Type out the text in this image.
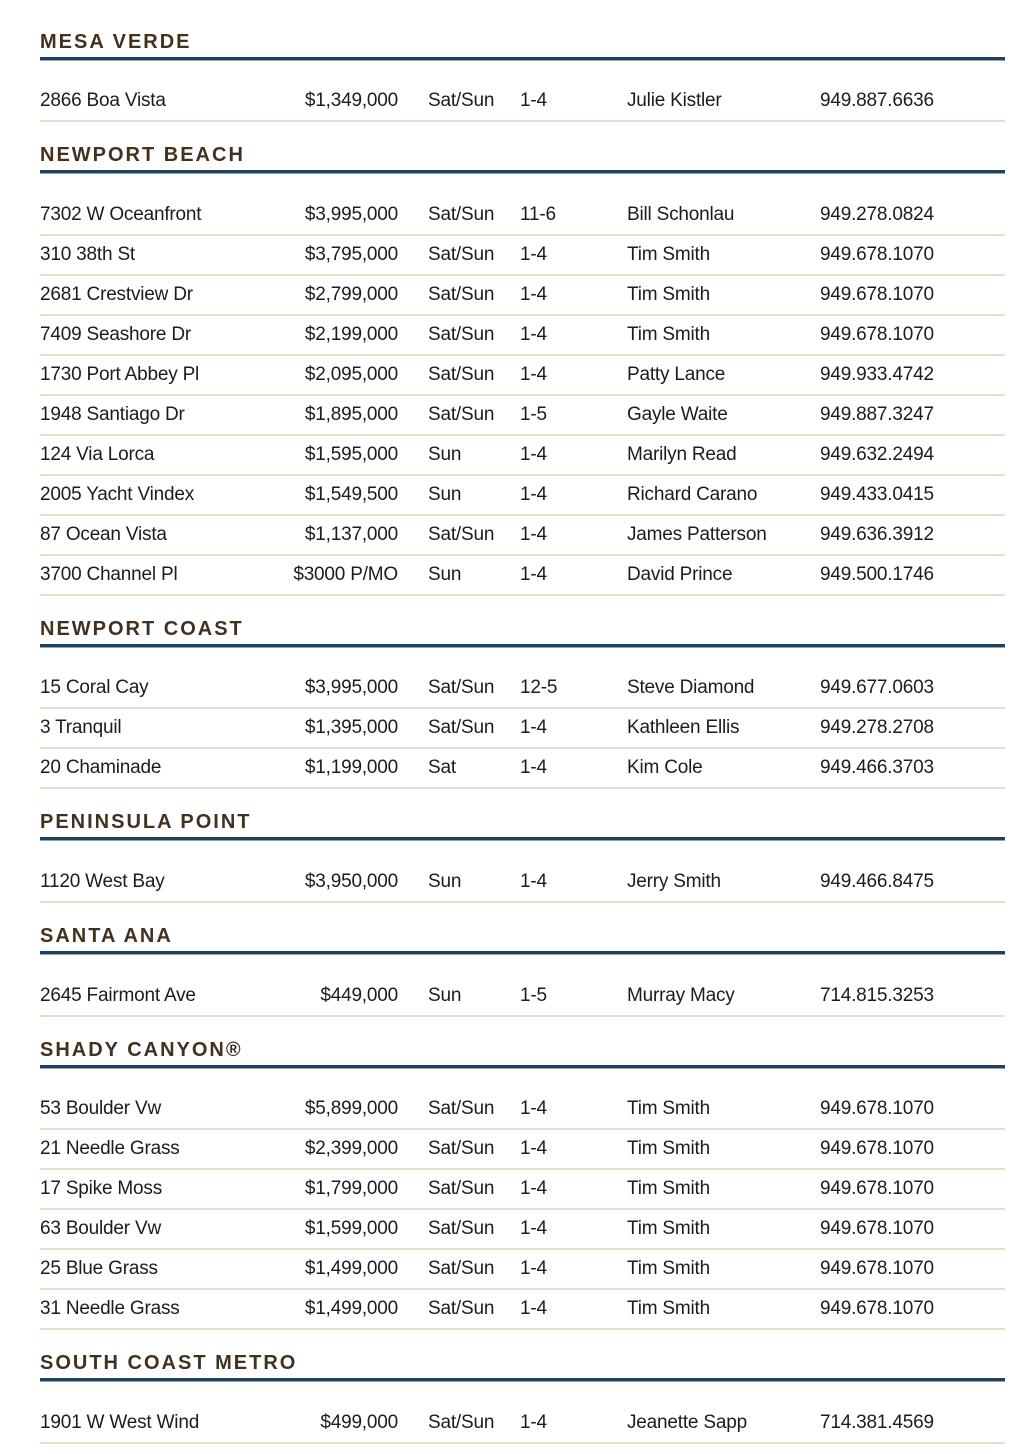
MESA VERDE
2866 Boa Vista	$1,349,000 Sat/Sun	1-4	Julie Kistler	949.887.6636
NEWPORT BEACH
7302 W Oceanfront	$3,995,000 Sat/Sun	11-6	Bill Schonlau	949.278.0824
310 38th St	$3,795,000 Sat/Sun	1-4	Tim Smith	949.678.1070
2681 Crestview Dr	$2,799,000 Sat/Sun	1-4	Tim Smith	949.678.1070
7409 Seashore Dr	$2,199,000 Sat/Sun	1-4	Tim Smith	949.678.1070
1730 Port Abbey Pl	$2,095,000 Sat/Sun	1-4	Patty Lance	949.933.4742
1948 Santiago Dr	$1,895,000 Sat/Sun	1-5	Gayle Waite	949.887.3247
124 Via Lorca	$1,595,000 Sun	1-4	Marilyn Read	949.632.2494
2005 Yacht Vindex	$1,549,500 Sun	1-4	Richard Carano	949.433.0415
87 Ocean Vista	$1,137,000 Sat/Sun	1-4	James Patterson	949.636.3912
3700 Channel Pl	$3000 P/MO Sun	1-4	David Prince	949.500.1746
NEWPORT COAST
15 Coral Cay	$3,995,000 Sat/Sun	12-5	Steve Diamond	949.677.0603
3 Tranquil	$1,395,000 Sat/Sun	1-4	Kathleen Ellis	949.278.2708
20 Chaminade	$1,199,000 Sat	1-4	Kim Cole	949.466.3703
PENINSULA POINT
1120 West Bay	$3,950,000 Sun	1-4	Jerry Smith	949.466.8475
SANTA ANA
2645 Fairmont Ave	$449,000 Sun	1-5	Murray Macy	714.815.3253
SHADY CANYON®
53 Boulder Vw	$5,899,000 Sat/Sun	1-4	Tim Smith	949.678.1070
21 Needle Grass	$2,399,000 Sat/Sun	1-4	Tim Smith	949.678.1070
17 Spike Moss	$1,799,000 Sat/Sun	1-4	Tim Smith	949.678.1070
63 Boulder Vw	$1,599,000 Sat/Sun	1-4	Tim Smith	949.678.1070
25 Blue Grass	$1,499,000 Sat/Sun	1-4	Tim Smith	949.678.1070
31 Needle Grass	$1,499,000 Sat/Sun	1-4	Tim Smith	949.678.1070
SOUTH COAST METRO
1901 W West Wind	$499,000 Sat/Sun	1-4	Jeanette Sapp	714.381.4569
